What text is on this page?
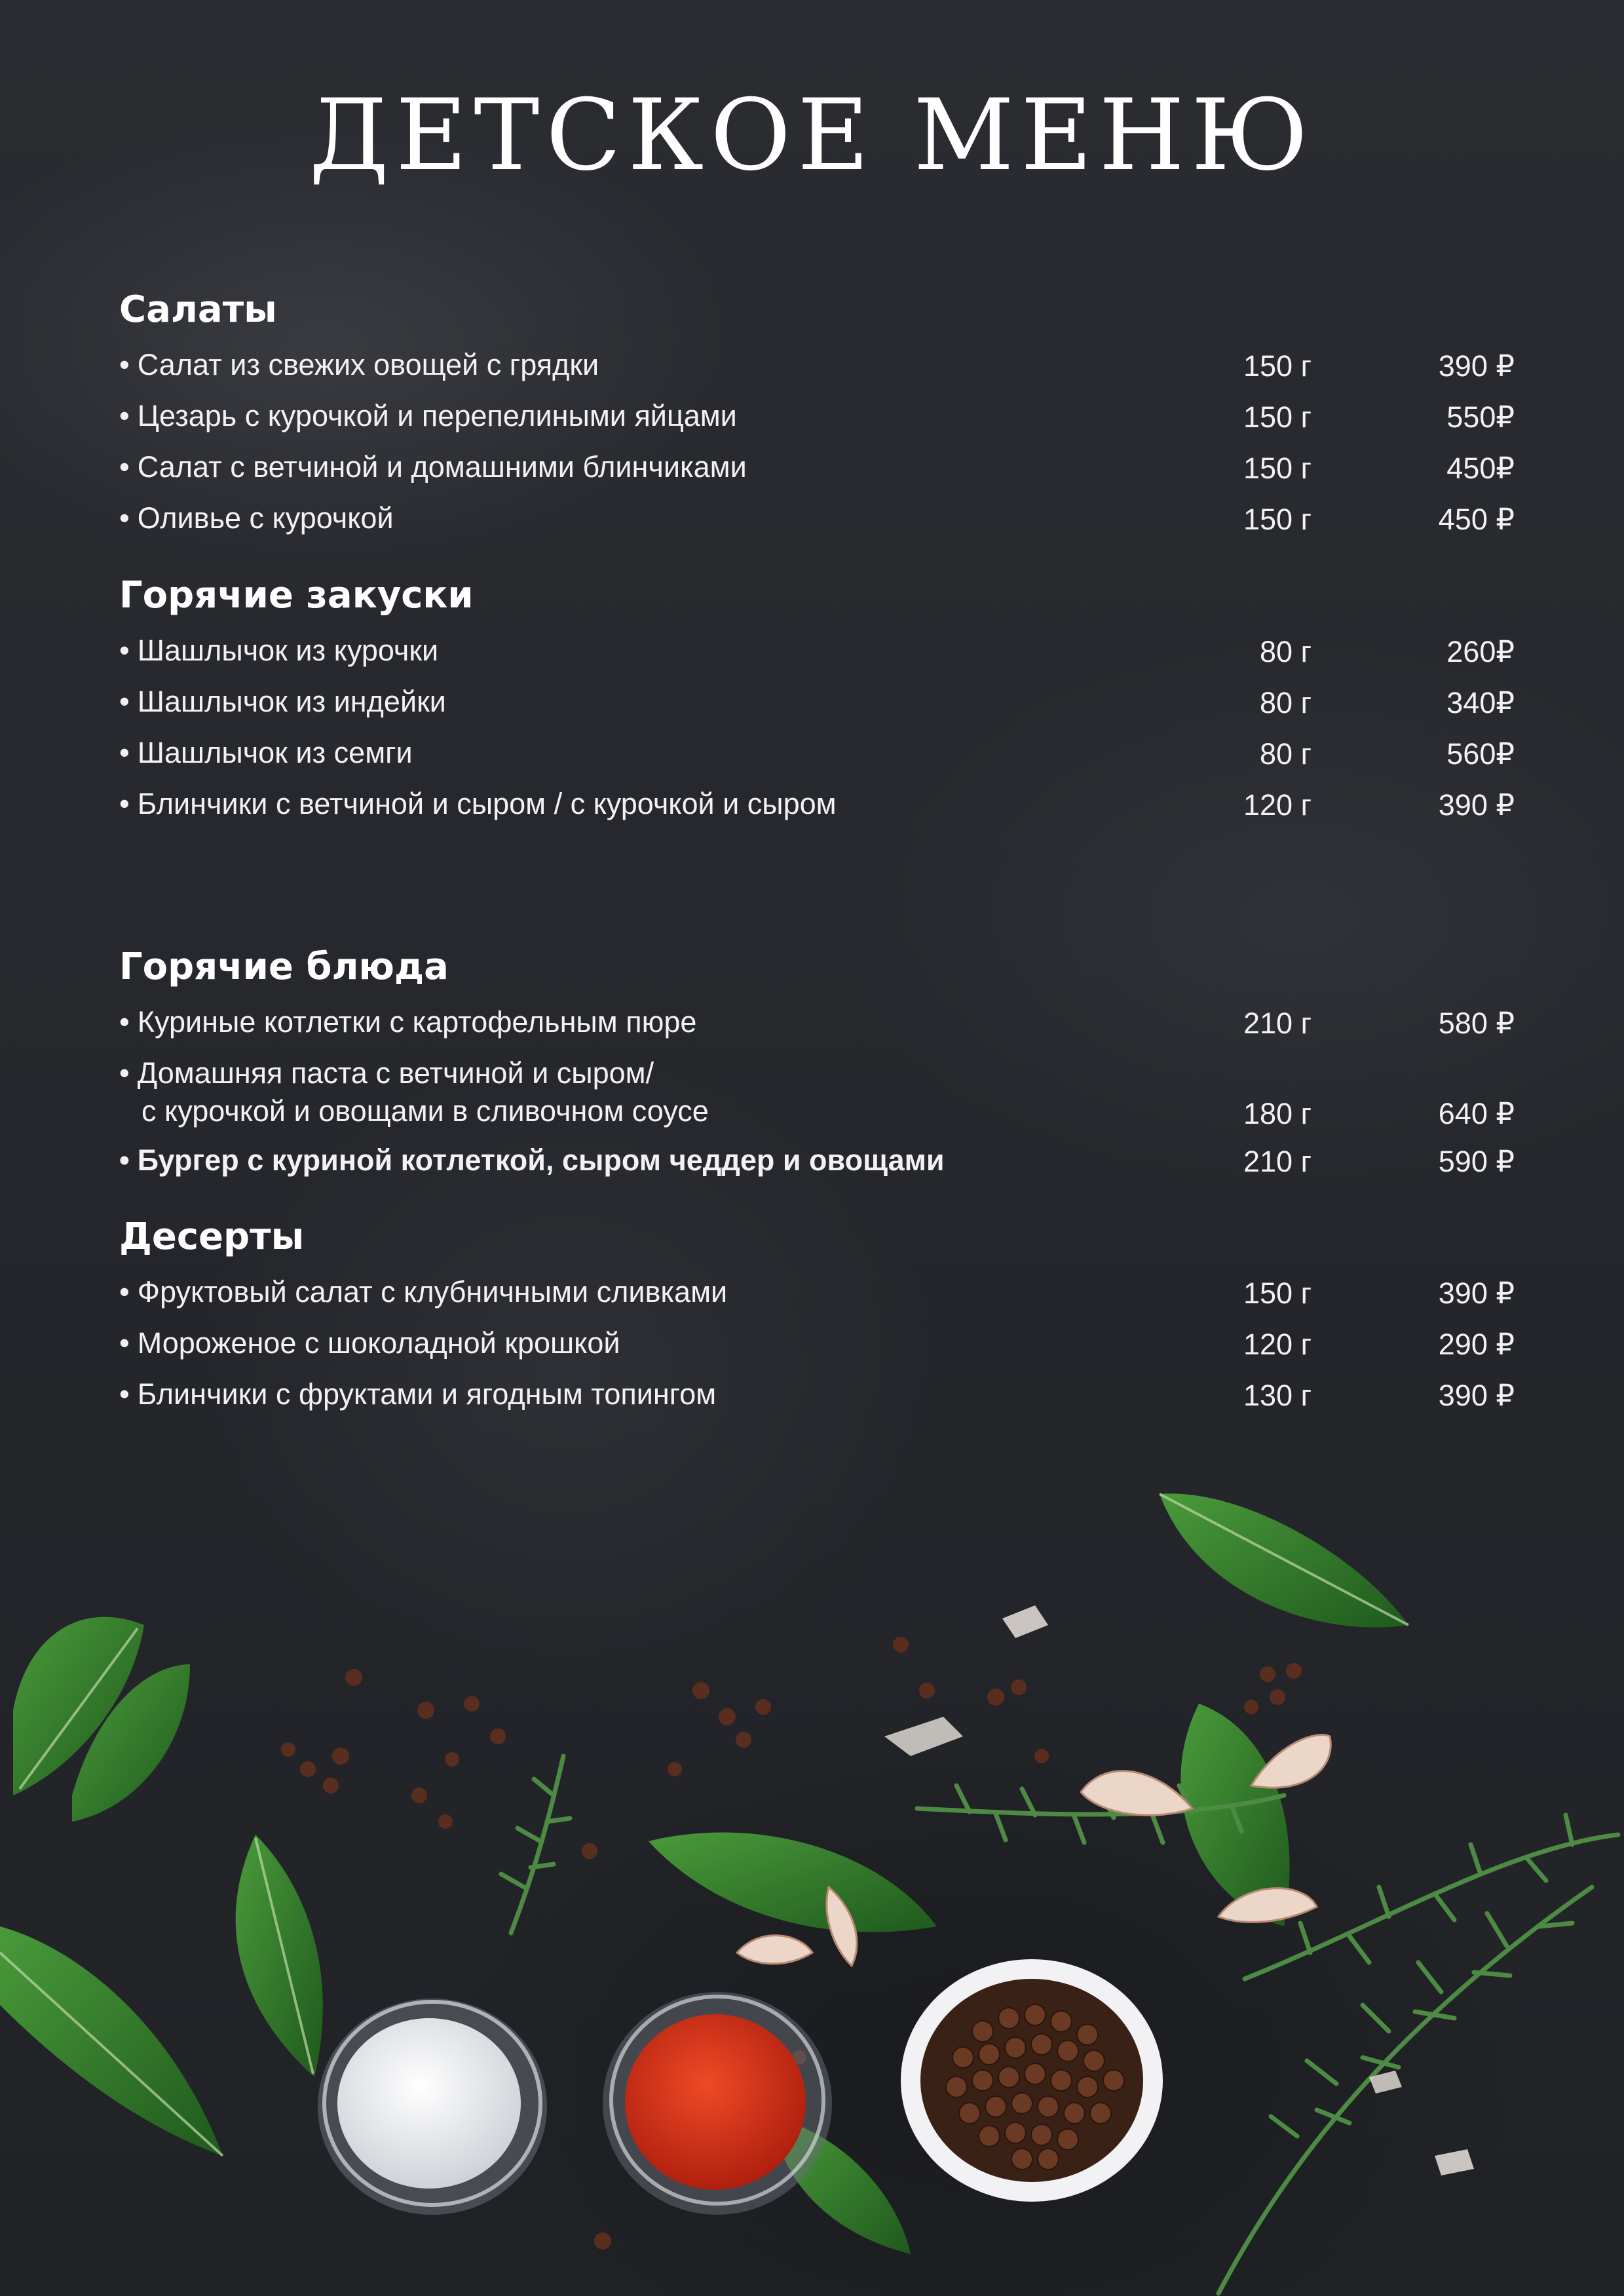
ДЕТСКОЕ МЕНЮ
Салаты
• Салат из свежих овощей с грядки	150 г	390 ₽
• Цезарь с курочкой и перепелиными яйцами	150 г	550₽
• Салат с ветчиной и домашними блинчиками	150 г	450₽
• Оливье с курочкой	150 г	450 ₽
Горячие закуски
• Шашлычок из курочки	80 г	260₽
• Шашлычок из индейки	80 г	340₽
• Шашлычок из семги	80 г	560₽
• Блинчики с ветчиной и сыром / с курочкой и сыром	120 г	390 ₽
Горячие блюда
• Куриные котлетки с картофельным пюре	210 г	580 ₽
• Домашняя паста с ветчиной и сыром/
с курочкой и овощами в сливочном соусе	180 г	640 ₽
• Бургер с куриной котлеткой, сыром чеддер и овощами	210 г	590 ₽
Десерты
• Фруктовый салат с клубничными сливками	150 г	390 ₽
• Мороженое с шоколадной крошкой	120 г	290 ₽
• Блинчики с фруктами и ягодным топингом	130 г	390 ₽
